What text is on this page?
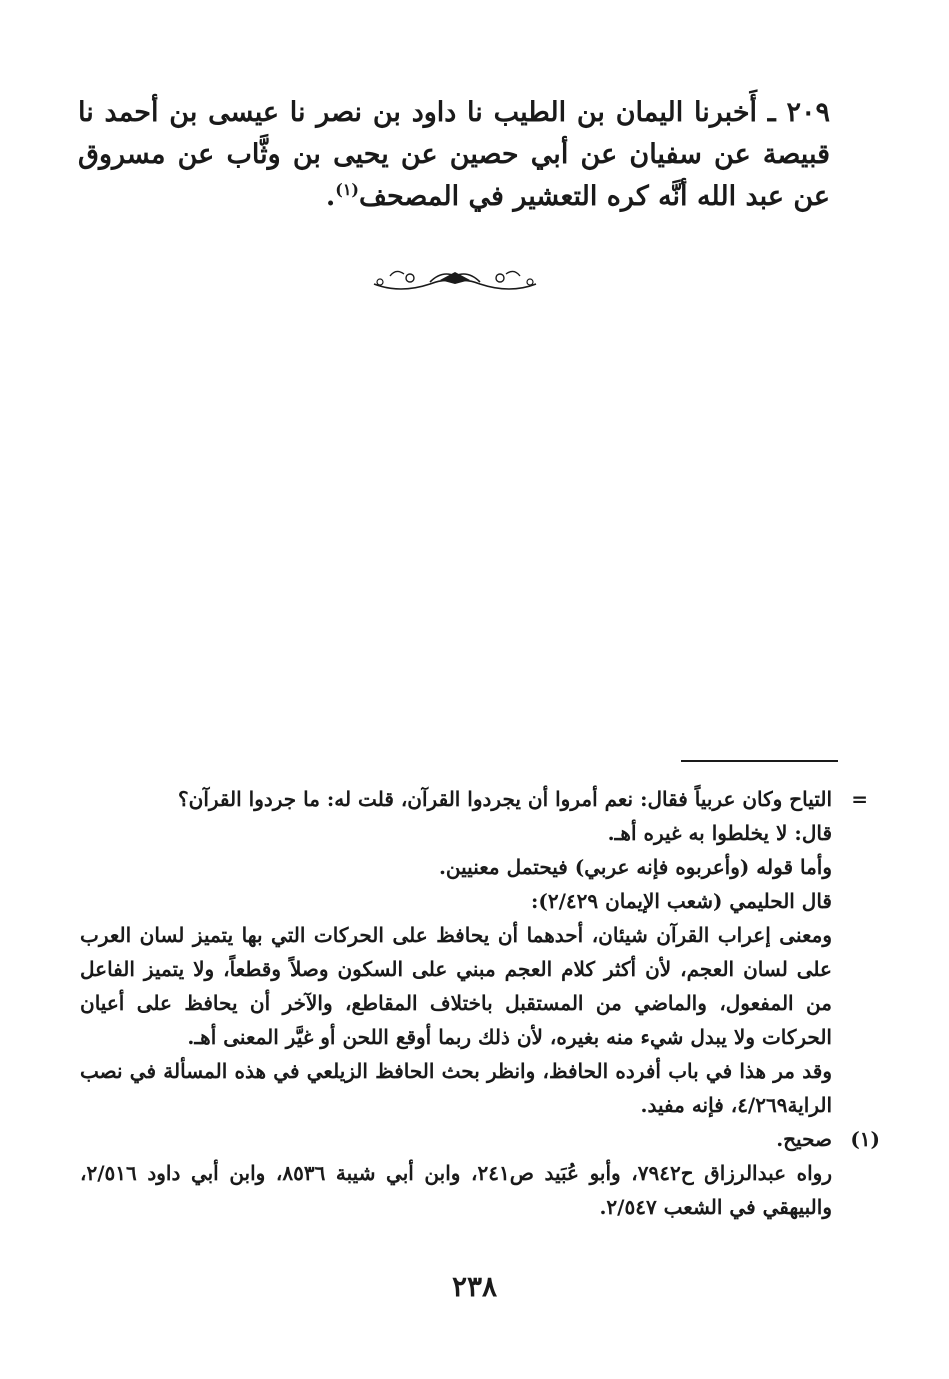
٢٠٩ ـ أَخبرنا اليمان بن الطيب نا داود بن نصر نا عيسى بن أحمد نا قبيصة عن سفيان عن أبي حصين عن يحيى بن وثَّاب عن مسروق عن عبد الله أنَّه كره التعشير في المصحف$^{(١)}$.

=

التياح وكان عربياً فقال: نعم أمروا أن يجردوا القرآن، قلت له: ما جردوا القرآن؟

قال: لا يخلطوا به غيره أهـ.

وأما قوله (وأعربوه فإنه عربي) فيحتمل معنيين.

قال الحليمي (شعب الإيمان ٢/٤٢٩):

ومعنى إعراب القرآن شيئان، أحدهما أن يحافظ على الحركات التي بها يتميز لسان العرب على لسان العجم، لأن أكثر كلام العجم مبني على السكون وصلاً وقطعاً، ولا يتميز الفاعل من المفعول، والماضي من المستقبل باختلاف المقاطع، والآخر أن يحافظ على أعيان الحركات ولا يبدل شيء منه بغيره، لأن ذلك ربما أوقع اللحن أو غيَّر المعنى أهـ.

وقد مر هذا في باب أفرده الحافظ، وانظر بحث الحافظ الزيلعي في هذه المسألة في نصب الراية٤/٢٦٩، فإنه مفيد.

(١)

صحيح.

رواه عبدالرزاق ح٧٩٤٢، وأبو عُبَيد ص٢٤١، وابن أبي شيبة ٨٥٣٦، وابن أبي داود ٢/٥١٦، والبيهقي في الشعب ٢/٥٤٧.

٢٣٨
